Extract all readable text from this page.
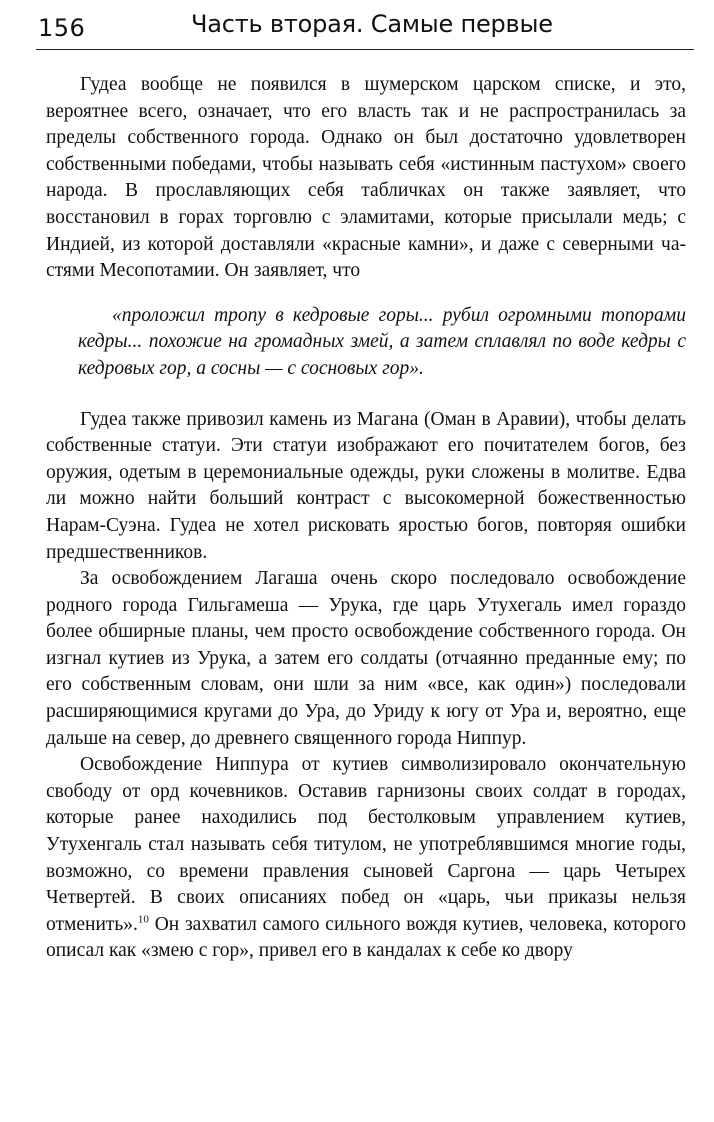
156	Часть вторая. Самые первые

Гудеа вообще не появился в шумерском царском списке, и это, вероятнее всего, означает, что его власть так и не распространилась за пределы собственного города. Однако он был достаточно удовлетворен собственными победами, чтобы называть себя «истинным пастухом» своего народа. В прославляющих себя табличках он также заявляет, что восстановил в горах торговлю с эламитами, которые присылали медь; с Индией, из которой доставляли «красные камни», и даже с северными частями Месопотамии. Он заявляет, что

«проложил тропу в кедровые горы... рубил огромными топорами кедры... похожие на громадных змей, а затем сплавлял по воде кедры с кедровых гор, а сосны — с сосновых гор».

Гудеа также привозил камень из Магана (Оман в Аравии), чтобы делать собственные статуи. Эти статуи изображают его почитателем богов, без оружия, одетым в церемониальные одежды, руки сложены в молитве. Едва ли можно найти больший контраст с высокомерной божественностью Нарам-Суэна. Гудеа не хотел рисковать яростью богов, повторяя ошибки предшественников.

За освобождением Лагаша очень скоро последовало освобождение родного города Гильгамеша — Урука, где царь Утухегаль имел гораздо более обширные планы, чем просто освобождение собственного города. Он изгнал кутиев из Урука, а затем его солдаты (отчаянно преданные ему; по его собственным словам, они шли за ним «все, как один») последовали расширяющимися кругами до Ура, до Уриду к югу от Ура и, вероятно, еще дальше на север, до древнего священного города Ниппур.

Освобождение Ниппура от кутиев символизировало окончательную свободу от орд кочевников. Оставив гарнизоны своих солдат в городах, которые ранее находились под бестолковым управлением кутиев, Утухенгаль стал называть себя титулом, не употреблявшимся многие годы, возможно, со времени правления сыновей Саргона — царь Четырех Четвертей. В своих описаниях побед он «царь, чьи приказы нельзя отменить».$^{10}$ Он захватил самого сильного вождя кутиев, человека, которого описал как «змею с гор», привел его в кандалах к себе ко двору
